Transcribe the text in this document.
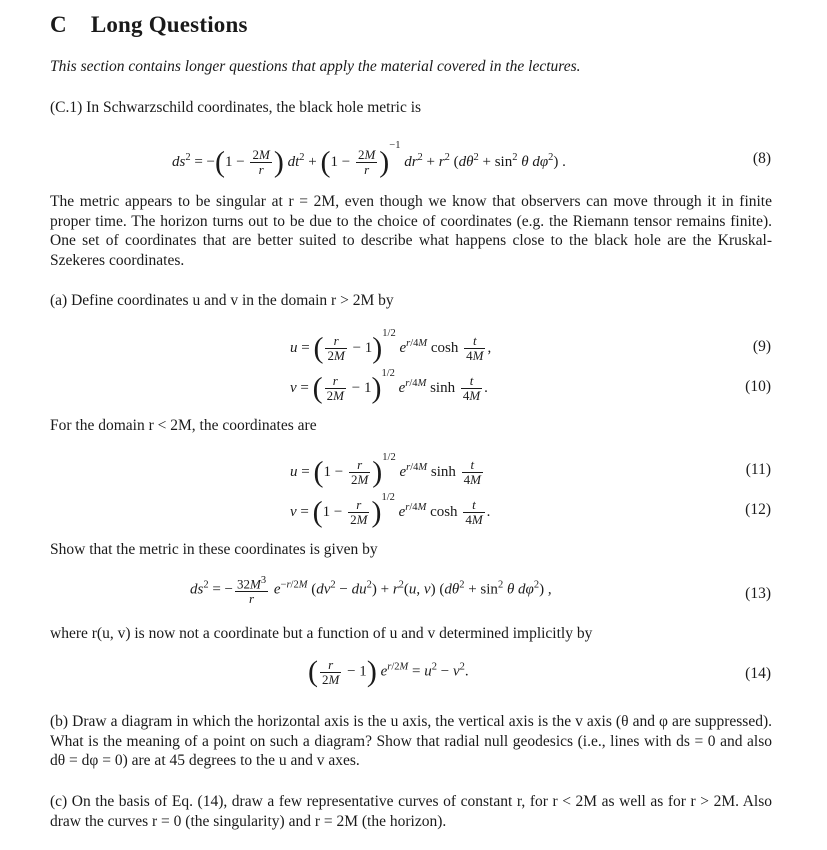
C Long Questions
This section contains longer questions that apply the material covered in the lectures.
(C.1) In Schwarzschild coordinates, the black hole metric is
$ds^2 = -(1 - \frac{2M}{r}$ ) $dt^2 + (1 - \frac{2M}{r} )^{-1}$ $dr^2 + r^2$ ($d\theta^2 + \sin^2 \theta$ $d\varphi^2$) .	(8)
The metric appears to be singular at r = 2M, even though we know that observers can move through it in finite proper time. The horizon turns out to be due to the choice of coordinates (e.g. the Riemann tensor remains finite). One set of coordinates that are better suited to describe what happens close to the black hole are the Kruskal-Szekeres coordinates.
(a) Define coordinates u and v in the domain r > 2M by
u = ( $\frac{r}{2M} - 1)^{1/2}$ $e^{r/4M}$ $\cosh \frac{t}{4M}$ ,	(9)
v = ( $\frac{r}{2M} - 1)^{1/2}$ $e^{r/4M}$ $\sinh \frac{t}{4M}$ .	(10)
For the domain r < 2M, the coordinates are
$u = (1 - \frac{r}{2M} )^{1/2}$ $e^{r/4M}$ $\sinh \frac{t}{4M}$	(11)
$v = (1 - \frac{r}{2M} )^{1/2}$ $e^{r/4M}$ $\cosh \frac{t}{4M}$ .	(12)
Show that the metric in these coordinates is given by
$ds^2$ = − $\frac{32M^3}{r} e^{-r/2M}$ $(dv^2 - du^2) + r^2(u$, v) ($d\theta^2 + \sin^2 \theta$ $d\varphi^2$) ,	(13)
where r(u, v) is now not a coordinate but a function of u and v determined implicitly by
( $\frac{r}{2M} - 1$) $e^{r/2M} = u^2 - v^2$.	(14)
(b) Draw a diagram in which the horizontal axis is the u axis, the vertical axis is the v axis (θ and φ are suppressed). What is the meaning of a point on such a diagram? Show that radial null geodesics (i.e., lines with ds = 0 and also dθ = dφ = 0) are at 45 degrees to the u and v axes.
(c) On the basis of Eq. (14), draw a few representative curves of constant r, for r < 2M as well as for r > 2M. Also draw the curves r = 0 (the singularity) and r = 2M (the horizon).
